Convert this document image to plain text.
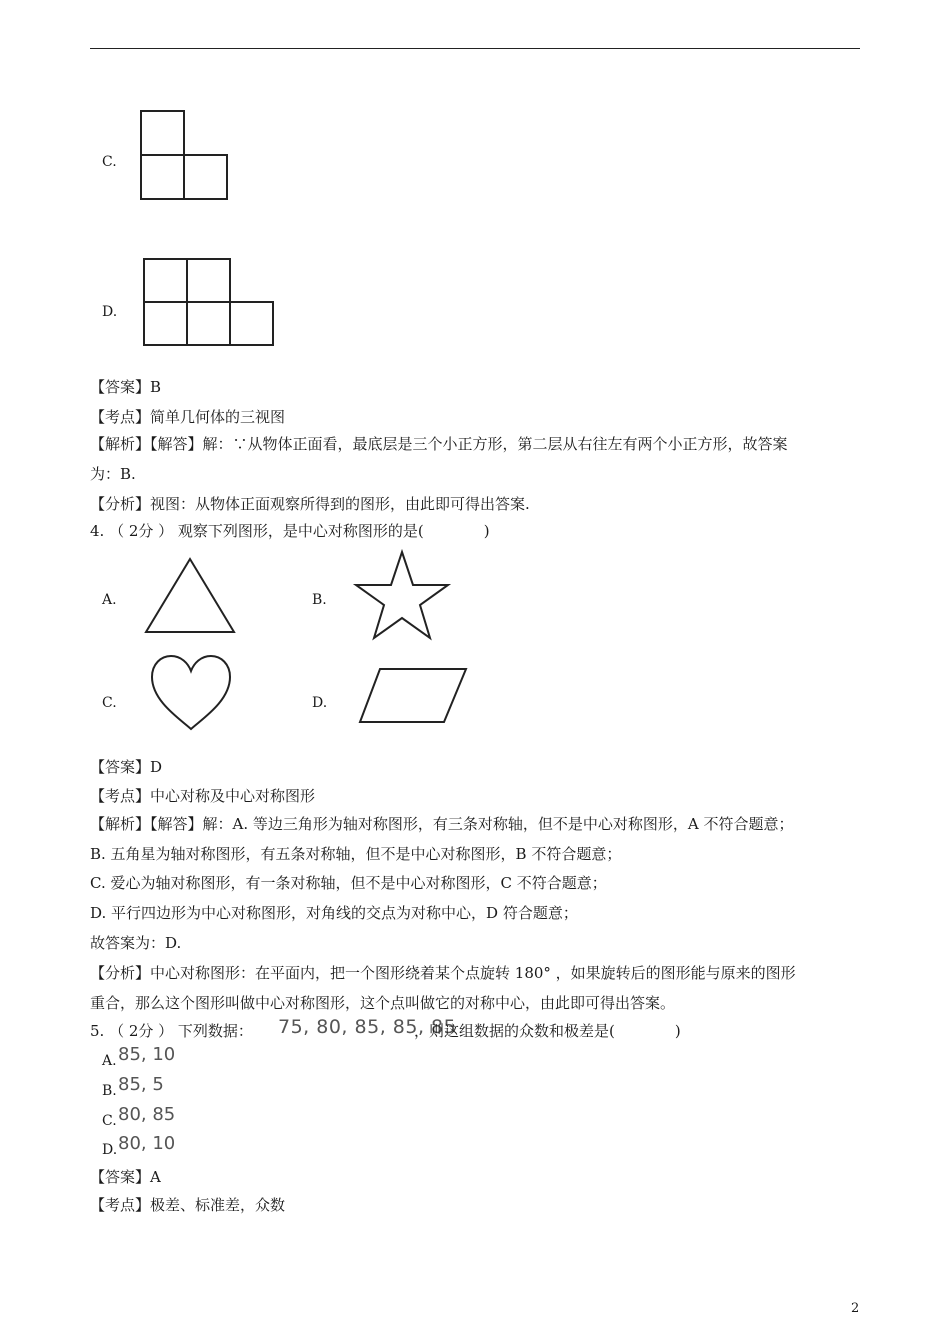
C.
D.
【答案】B
【考点】简单几何体的三视图
【解析】【解答】解：∵从物体正面看，最底层是三个小正方形，第二层从右往左有两个小正方形，故答案
为：B.
【分析】视图：从物体正面观察所得到的图形，由此即可得出答案.
4. （ 2分 ） 观察下列图形，是中心对称图形的是(　　　　)
A.	B.
C.	D.
【答案】D
【考点】中心对称及中心对称图形
【解析】【解答】解：A. 等边三角形为轴对称图形，有三条对称轴，但不是中心对称图形，A 不符合题意；
B. 五角星为轴对称图形，有五条对称轴，但不是中心对称图形，B 不符合题意；
C. 爱心为轴对称图形，有一条对称轴，但不是中心对称图形，C 不符合题意；
D. 平行四边形为中心对称图形，对角线的交点为对称中心，D 符合题意；
故答案为：D.
【分析】中心对称图形：在平面内，把一个图形绕着某个点旋转 180° ，如果旋转后的图形能与原来的图形
重合，那么这个图形叫做中心对称图形，这个点叫做它的对称中心，由此即可得出答案。
5. （ 2分 ） 下列数据： 75, 80, 85, 85, 85
，则这组数据的众数和极差是(　　　　)
A. 85, 10
B. 85, 5
C. 80, 85
D. 80, 10
【答案】A
【考点】极差、标准差，众数
2
